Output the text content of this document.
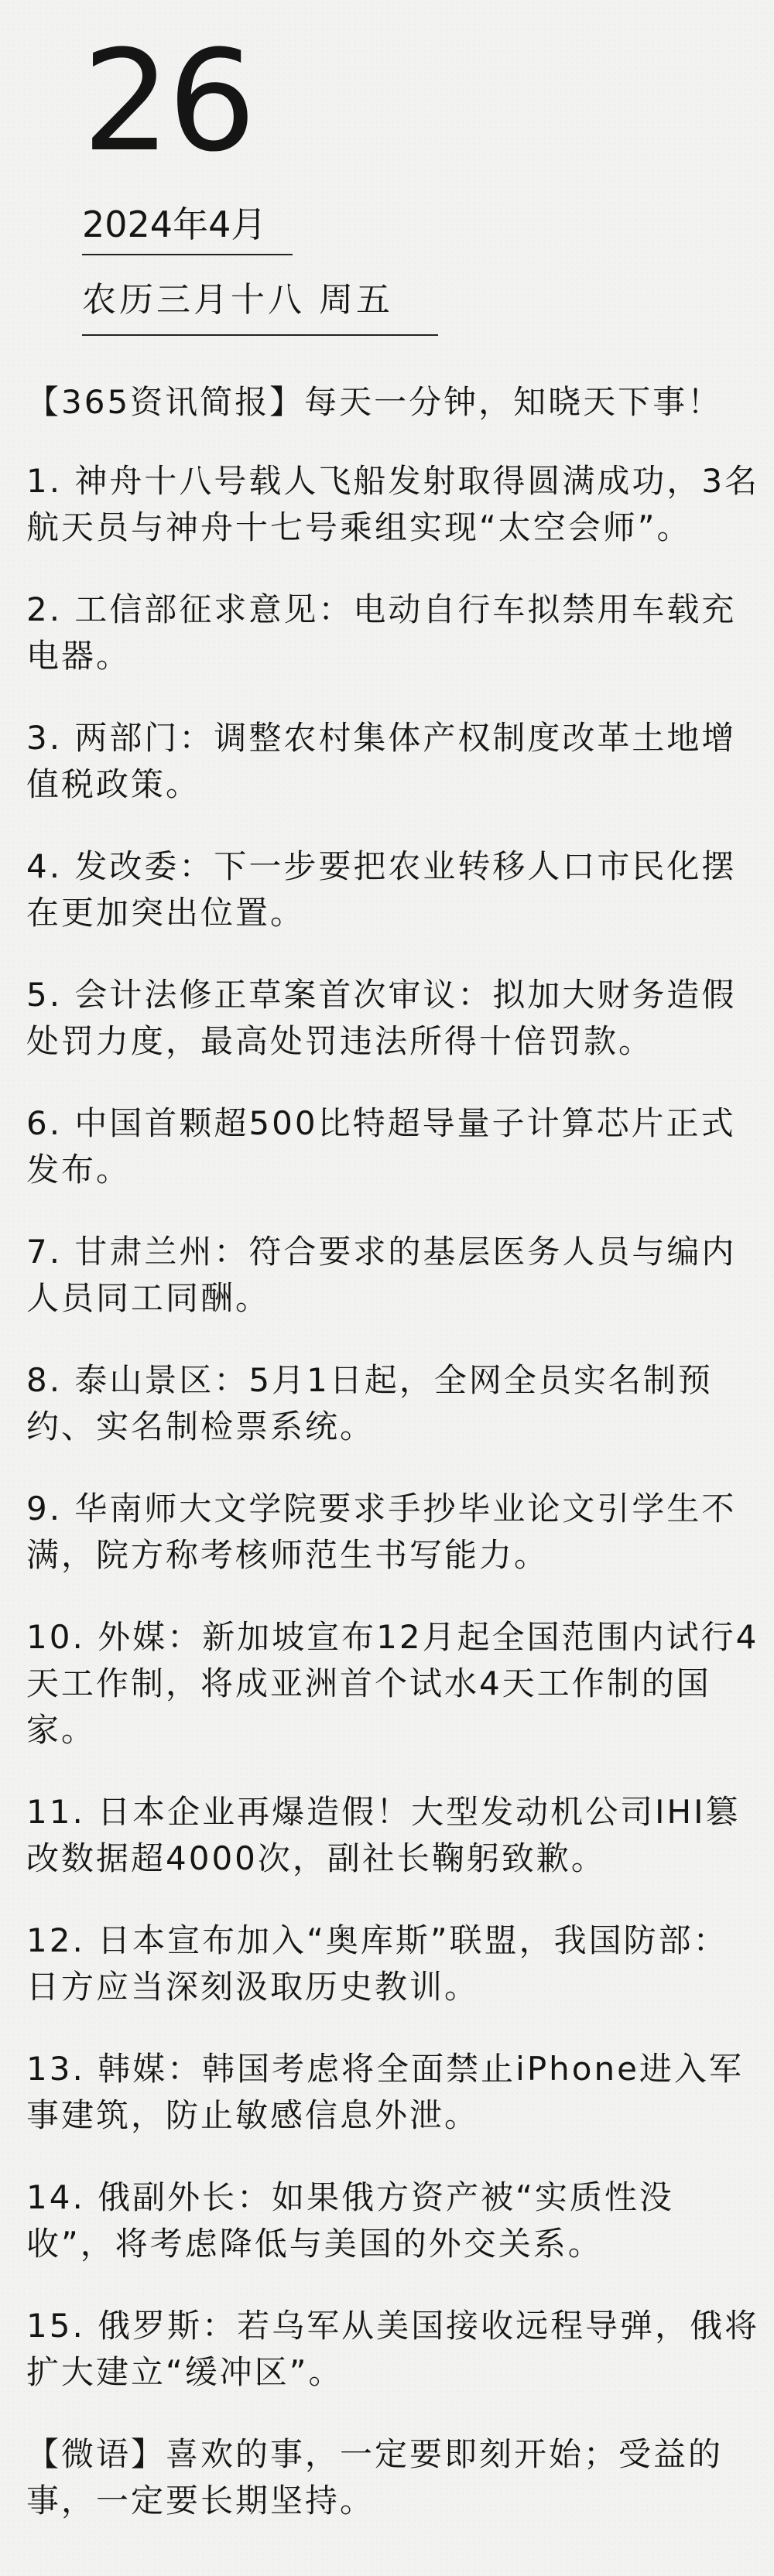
26
2024年4月
农历三月十八 周五
【365资讯简报】每天一分钟，知晓天下事！
1. 神舟十八号载人飞船发射取得圆满成功，3名航天员与神舟十七号乘组实现“太空会师”。
2. 工信部征求意见：电动自行车拟禁用车载充电器。
3. 两部门：调整农村集体产权制度改革土地增值税政策。
4. 发改委：下一步要把农业转移人口市民化摆在更加突出位置。
5. 会计法修正草案首次审议：拟加大财务造假处罚力度，最高处罚违法所得十倍罚款。
6. 中国首颗超500比特超导量子计算芯片正式发布。
7. 甘肃兰州：符合要求的基层医务人员与编内人员同工同酬。
8. 泰山景区：5月1日起，全网全员实名制预约、实名制检票系统。
9. 华南师大文学院要求手抄毕业论文引学生不满，院方称考核师范生书写能力。
10. 外媒：新加坡宣布12月起全国范围内试行4天工作制，将成亚洲首个试水4天工作制的国家。
11. 日本企业再爆造假！大型发动机公司IHI篡改数据超4000次，副社长鞠躬致歉。
12. 日本宣布加入“奥库斯”联盟，我国防部：日方应当深刻汲取历史教训。
13. 韩媒：韩国考虑将全面禁止iPhone进入军事建筑，防止敏感信息外泄。
14. 俄副外长：如果俄方资产被“实质性没收”，将考虑降低与美国的外交关系。
15. 俄罗斯：若乌军从美国接收远程导弹，俄将扩大建立“缓冲区”。
【微语】喜欢的事，一定要即刻开始；受益的事，一定要长期坚持。
